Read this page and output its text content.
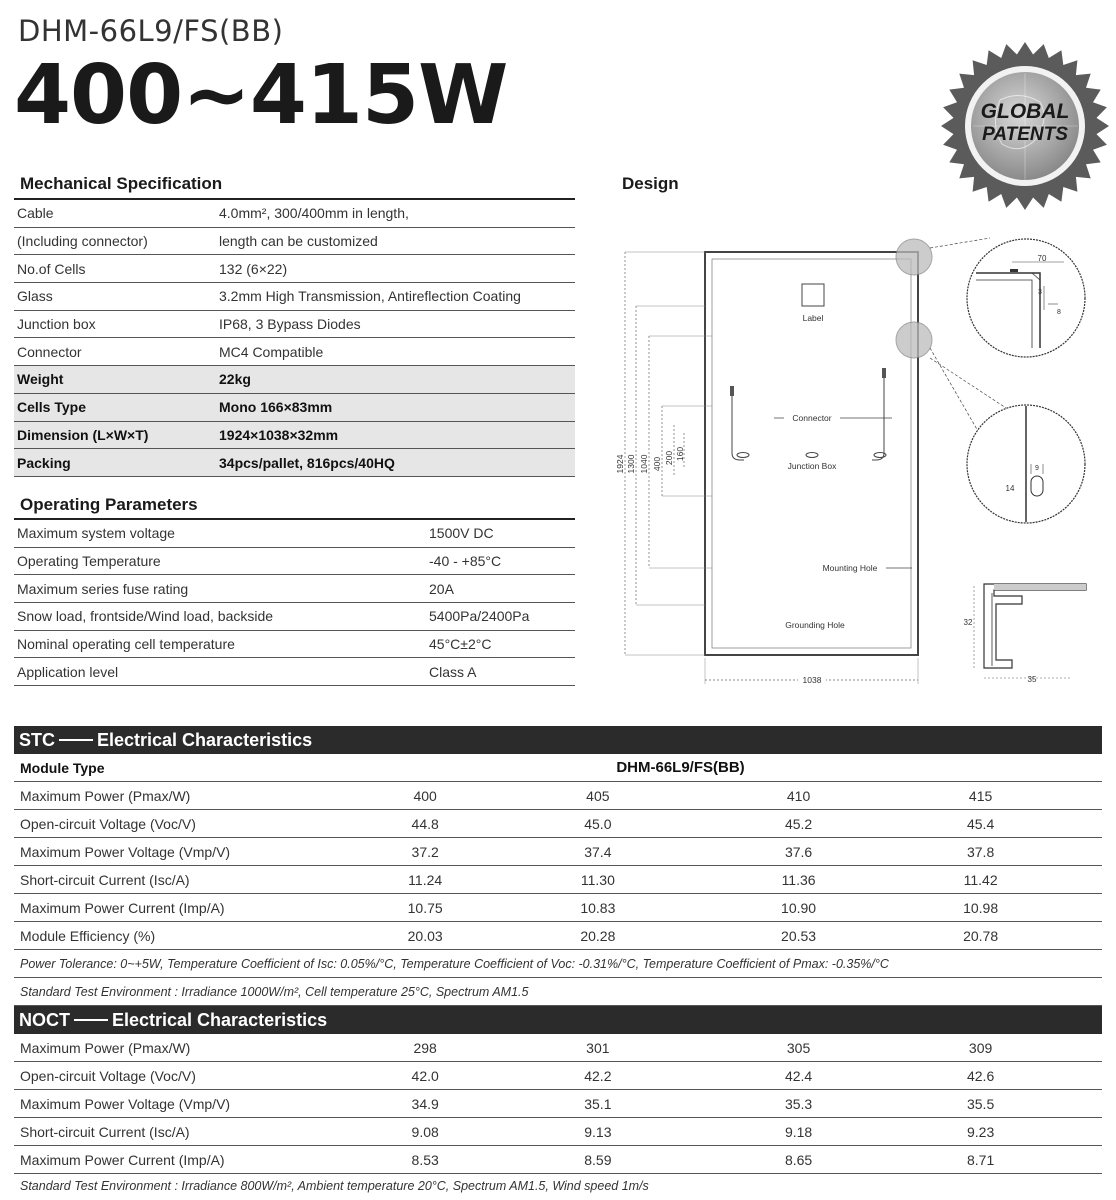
DHM-66L9/FS(BB)
400~415W	GLOBAL
PATENTS
Mechanical Specification
Cable	4.0mm², 300/400mm in length,
(Including connector)	length can be customized
No.of Cells	132 (6×22)
Glass	3.2mm High Transmission, Antireflection Coating
Junction box	IP68, 3 Bypass Diodes
Connector	MC4 Compatible
Weight	22kg
Cells Type	Mono 166×83mm
Dimension (L×W×T)	1924×1038×32mm
Packing	34pcs/pallet, 816pcs/40HQ
Operating Parameters
Maximum system voltage	1500V DC
Operating Temperature	-40 - +85°C
Maximum series fuse rating	20A
Snow load, frontside/Wind load, backside	5400Pa/2400Pa
Nominal operating cell temperature	45°C±2°C
Application level	Class A
Design
Label
Connector
Junction Box
Mounting Hole
Grounding Hole
1924 1300 1040 400 200 160
1038
70
3
8
14
9
32
35
STC Electrical Characteristics
Module Type	DHM-66L9/FS(BB)
Maximum Power (Pmax/W)	400	405	410	415
Open-circuit Voltage (Voc/V)	44.8	45.0	45.2	45.4
Maximum Power Voltage (Vmp/V)	37.2	37.4	37.6	37.8
Short-circuit Current (Isc/A)	11.24	11.30	11.36	11.42
Maximum Power Current (Imp/A)	10.75	10.83	10.90	10.98
Module Efficiency (%)	20.03	20.28	20.53	20.78
Power Tolerance: 0~+5W, Temperature Coefficient of Isc: 0.05%/°C, Temperature Coefficient of Voc: -0.31%/°C, Temperature Coefficient of Pmax: -0.35%/°C
Standard Test Environment : Irradiance 1000W/m², Cell temperature 25°C, Spectrum AM1.5
NOCT Electrical Characteristics
Maximum Power (Pmax/W)	298	301	305	309
Open-circuit Voltage (Voc/V)	42.0	42.2	42.4	42.6
Maximum Power Voltage (Vmp/V)	34.9	35.1	35.3	35.5
Short-circuit Current (Isc/A)	9.08	9.13	9.18	9.23
Maximum Power Current (Imp/A)	8.53	8.59	8.65	8.71
Standard Test Environment : Irradiance 800W/m², Ambient temperature 20°C, Spectrum AM1.5, Wind speed 1m/s
